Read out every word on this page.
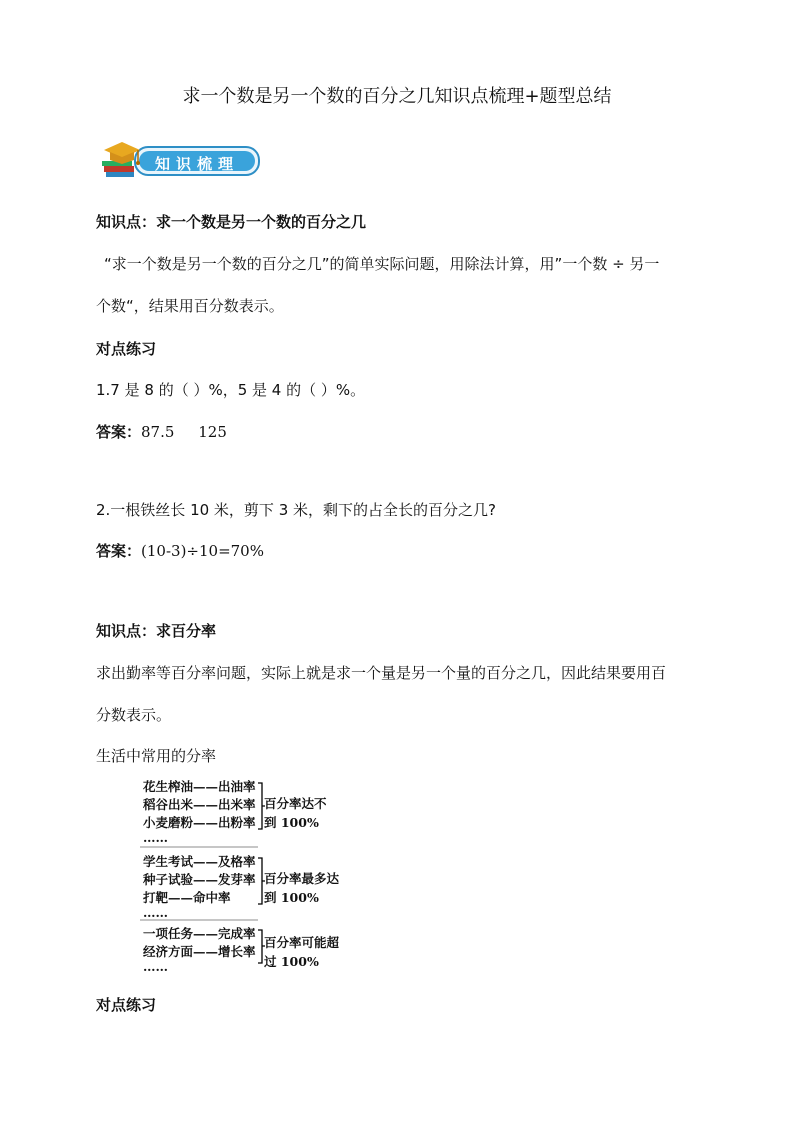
求一个数是另一个数的百分之几知识点梳理+题型总结
知识梳理
知识点：求一个数是另一个数的百分之几
“求一个数是另一个数的百分之几”的简单实际问题，用除法计算，用”一个数 ÷ 另一
个数“，结果用百分数表示。
对点练习
1.7 是 8 的（ ）%，5 是 4 的（ ）%。
答案：87.5     125
2.一根铁丝长 10 米，剪下 3 米，剩下的占全长的百分之几?
答案：(10-3)÷10=70%
知识点：求百分率
求出勤率等百分率问题，实际上就是求一个量是另一个量的百分之几，因此结果要用百
分数表示。
生活中常用的分率
花生榨油——出油率
稻谷出米——出米率
小麦磨粉——出粉率
……
百分率达不
到 100%
学生考试——及格率
种子试验——发芽率
打靶——命中率
……
百分率最多达
到 100%
一项任务——完成率
经济方面——增长率
……
百分率可能超
过 100%
对点练习
